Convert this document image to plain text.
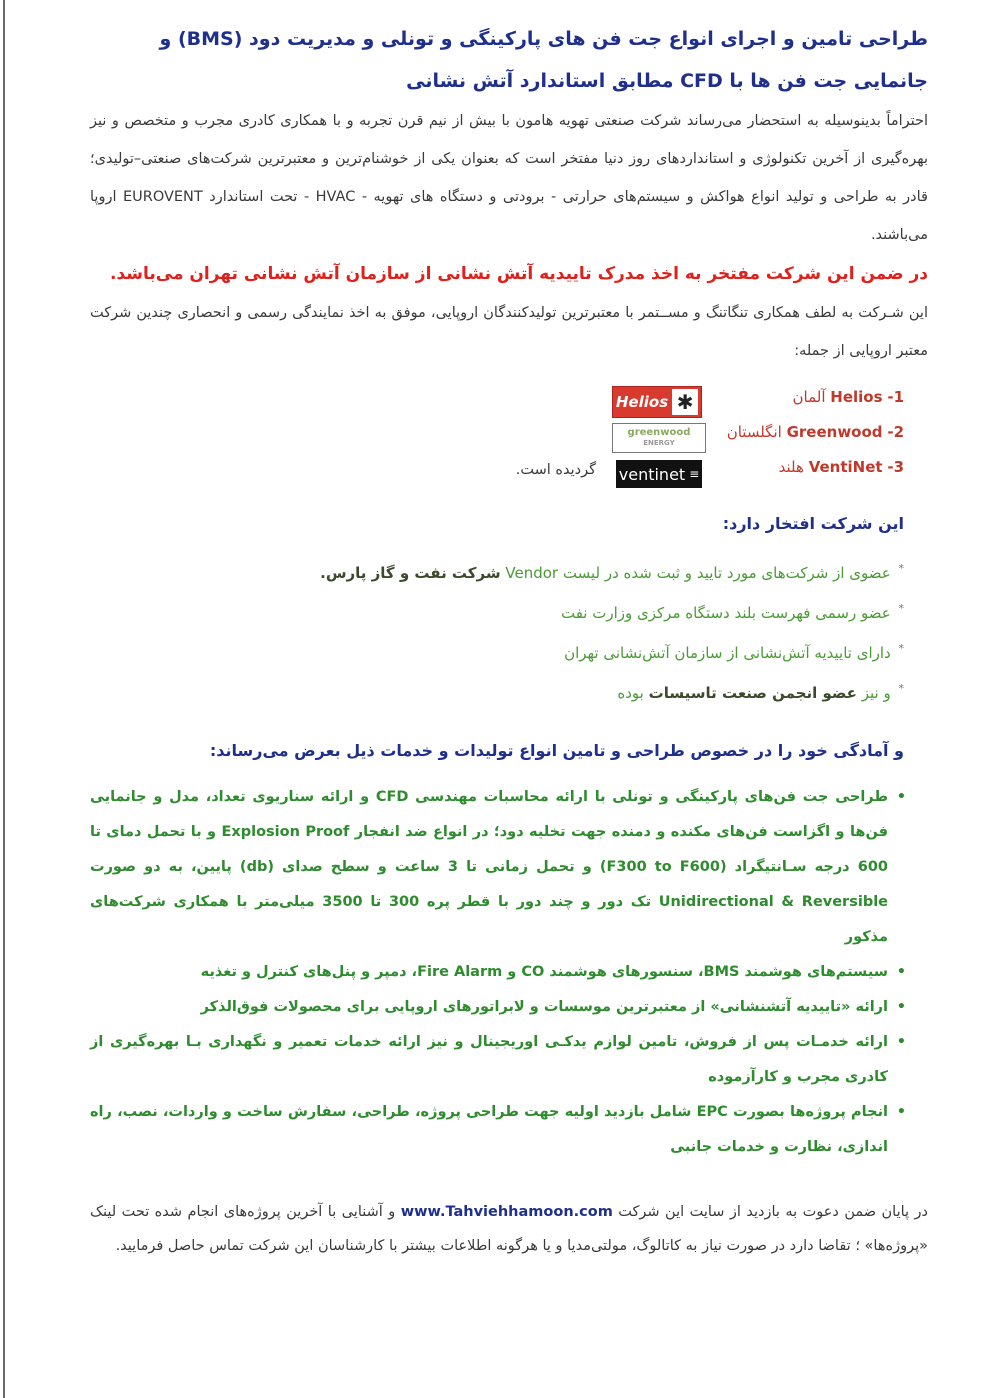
طراحی تامین و اجرای انواع جت فن های پارکینگی و تونلی و مدیریت دود (BMS) و جانمایی جت فن ها با CFD مطابق استاندارد آتش نشانی

احتراماً بدینوسیله به استحضار می‌رساند شرکت صنعتی تهویه هامون با بیش از نیم قرن تجربه و با همکاری کادری مجرب و متخصص و نیز بهره‌گیری از آخرین تکنولوژی و استانداردهای روز دنیا مفتخر است که بعنوان یکی از خوشنام‌ترین و معتبرترین شرکت‌های صنعتی–تولیدی؛ قادر به طراحی و تولید انواع هواکش و سیستم‌های حرارتی - برودتی و دستگاه های تهویه - HVAC - تحت استاندارد EUROVENT اروپا می‌باشند.

در ضمن این شرکت مفتخر به اخذ مدرک تاییدیه آتش نشانی از سازمان آتش نشانی تهران می‌باشد.

این شـرکت به لطف همکاری تنگاتنگ و مســتمر با معتبرترین تولیدکنندگان اروپایی، موفق به اخذ نمایندگی رسمی و انحصاری چندین شرکت معتبر اروپایی از جمله:

1- Helios آلمان
2- Greenwood انگلستان
3- VentiNet هلند
Helios ✱
greenwood
ENERGY
ventinet ≡
گردیده است.
این شرکت افتخار دارد:
* عضوی از شرکت‌های مورد تایید و ثبت شده در لیست Vendor شرکت نفت و گاز پارس.
* عضو رسمی فهرست بلند دستگاه مرکزی وزارت نفت
* دارای تاییدیه آتش‌نشانی از سازمان آتش‌نشانی تهران
* و نیز عضو انجمن صنعت تاسیسات بوده
و آمادگی خود را در خصوص طراحی و تامین انواع تولیدات و خدمات ذیل بعرض می‌رساند:
•
طراحی جت فن‌های پارکینگی و تونلی با ارائه محاسبات مهندسی CFD و ارائه سناریوی تعداد، مدل و جانمایی فن‌ها و اگزاست فن‌های مکنده و دمنده جهت تخلیه دود؛ در انواع ضد انفجار Explosion Proof و با تحمل دمای تا 600 درجه سـانتیگراد (F300 to F600) و تحمل زمانی تا 3 ساعت و سطح صدای (db) پایین، به دو صورت Unidirectional & Reversible تک دور و چند دور با قطر پره 300 تا 3500 میلی‌متر با همکاری شرکت‌های مذکور
•
سیستم‌های هوشمند BMS، سنسورهای هوشمند CO و Fire Alarm، دمپر و پنل‌های کنترل و تغذیه
•
ارائه «تاییدیه آتشنشانی» از معتبرترین موسسات و لابراتورهای اروپایی برای محصولات فوق‌الذکر
•
ارائه خدمـات پس از فروش، تامین لوازم یدکـی اوریجینال و نیز ارائه خدمات تعمیر و نگهداری بـا بهره‌گیری از کادری مجرب و کارآزموده
•
انجام پروژه‌ها بصورت EPC شامل بازدید اولیه جهت طراحی پروژه، طراحی، سفارش ساخت و واردات، نصب، راه اندازی، نظارت و خدمات جانبی

در پایان ضمن دعوت به بازدید از سایت این شرکت www.Tahviehhamoon.com و آشنایی با آخرین پروژه‌های انجام شده تحت لینک «پروژه‌ها» ؛ تقاضا دارد در صورت نیاز به کاتالوگ، مولتی‌مدیا و یا هرگونه اطلاعات بیشتر با کارشناسان این شرکت تماس حاصل فرمایید.
